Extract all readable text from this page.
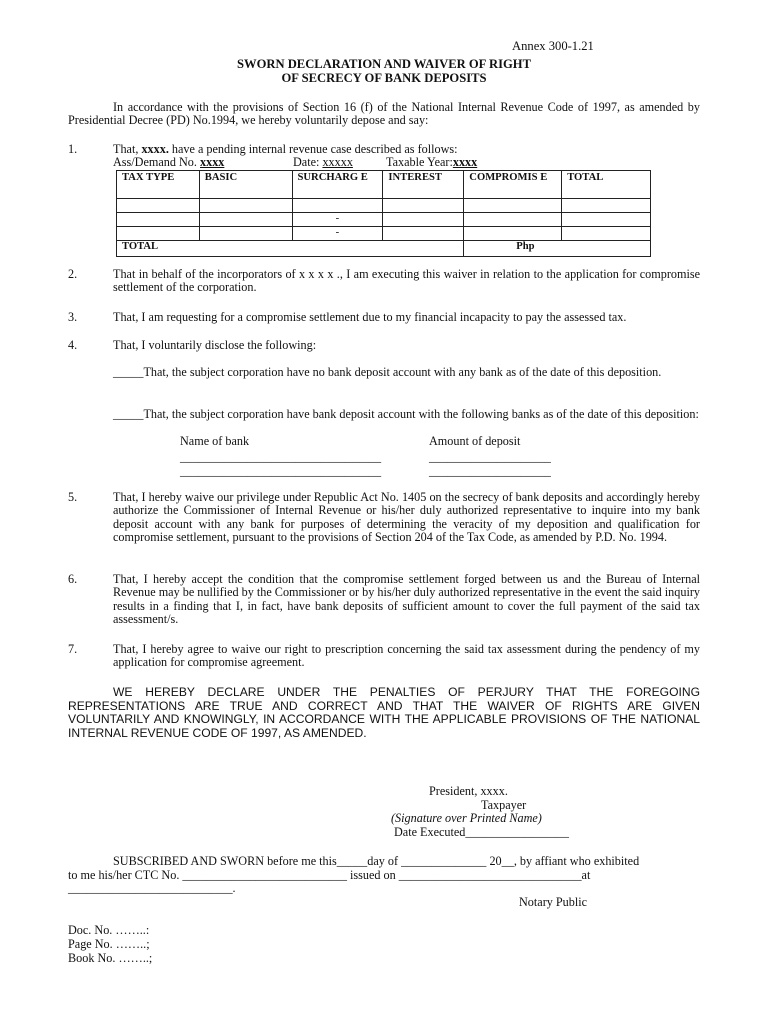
Annex 300-1.21
SWORN DECLARATION AND WAIVER OF RIGHT
OF SECRECY OF BANK DEPOSITS
In accordance with the provisions of Section 16 (f) of the National Internal Revenue Code of 1997, as amended by Presidential Decree (PD) No.1994, we hereby voluntarily depose and say:
1.	That, xxxx. have a pending internal revenue case described as follows:
Ass/Demand No. xxxx	Date: xxxxx	Taxable Year:xxxx
TAX TYPE	BASIC	SURCHARG E	INTEREST	COMPROMIS E	TOTAL

		-			
		-			
TOTAL				Php	
2.	That in behalf of the incorporators of x x x x ., I am executing this waiver in relation to the application for compromise settlement of the corporation.
3.	That, I am requesting for a compromise settlement due to my financial incapacity to pay the assessed tax.
4.	That, I voluntarily disclose the following:
_____That, the subject corporation have no bank deposit account with any bank as of the date of this deposition.
_____That, the subject corporation have bank deposit account with the following banks as of the date of this deposition:
Name of bank	Amount of deposit
_________________________________	____________________
_________________________________	____________________
5.	That, I hereby waive our privilege under Republic Act No. 1405 on the secrecy of bank deposits and accordingly hereby authorize the Commissioner of Internal Revenue or his/her duly authorized representative to inquire into my bank deposit account with any bank for purposes of determining the veracity of my deposition and qualification for compromise settlement, pursuant to the provisions of Section 204 of the Tax Code, as amended by P.D. No. 1994.
6.	That, I hereby accept the condition that the compromise settlement forged between us and the Bureau of Internal Revenue may be nullified by the Commissioner or by his/her duly authorized representative in the event the said inquiry results in a finding that I, in fact, have bank deposits of sufficient amount to cover the full payment of the said tax assessment/s.
7.	That, I hereby agree to waive our right to prescription concerning the said tax assessment during the pendency of my application for compromise agreement.
WE HEREBY DECLARE UNDER THE PENALTIES OF PERJURY THAT THE FOREGOING REPRESENTATIONS ARE TRUE AND CORRECT AND THAT THE WAIVER OF RIGHTS ARE GIVEN VOLUNTARILY AND KNOWINGLY, IN ACCORDANCE WITH THE APPLICABLE PROVISIONS OF THE NATIONAL INTERNAL REVENUE CODE OF 1997, AS AMENDED.
President, xxxx.
Taxpayer
(Signature over Printed Name)
Date Executed_________________
SUBSCRIBED AND SWORN before me this_____day of ______________ 20__, by affiant who exhibited
to me his/her CTC No. ___________________________ issued on ______________________________at
___________________________.
Notary Public
Doc. No. ……..:
Page No. ……..;
Book No. ……..;
